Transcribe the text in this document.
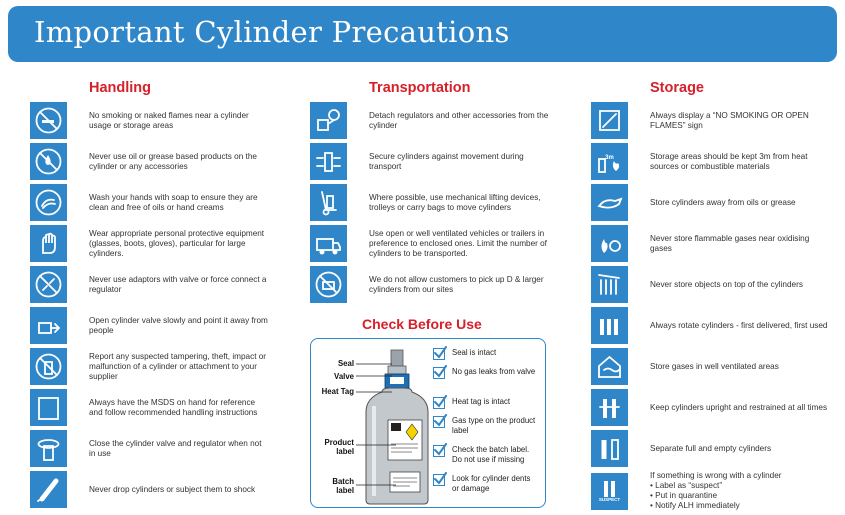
Important Cylinder Precautions
Handling	Transportation	Storage
No smoking or naked flames near a cylinder usage or storage areas
Never use oil or grease based products on the cylinder or any accessories
Wash your hands with soap to ensure they are clean and free of oils or hand creams
Wear appropriate personal protective equipment (glasses, boots, gloves), particular for large cylinders.
Never use adaptors with valve or force connect a regulator
Open cylinder valve slowly and point it away from people
Report any suspected tampering, theft, impact or malfunction of a cylinder or attachment to your supplier
MSDS	Always have the MSDS on hand for reference and follow recommended handling instructions
Close the cylinder valve and regulator when not in use
Never drop cylinders or subject them to shock
Detach regulators and other accessories from the cylinder
Secure cylinders against movement during transport
Where possible, use mechanical lifting devices, trolleys or carry bags to move cylinders
Use open or well ventilated vehicles or trailers in preference to enclosed ones. Limit the number of cylinders to be transported.
We do not allow customers to pick up D & larger cylinders from our sites
Always display a “NO SMOKING OR OPEN FLAMES” sign
3m	Storage areas should be kept 3m from heat sources or combustible materials
Store cylinders away from oils or grease
Never store flammable gases near oxidising gases
Never store objects on top of the cylinders
Always rotate cylinders - first delivered, first used
Store gases in well ventilated areas
Keep cylinders upright and restrained at all times
Separate full and empty cylinders
SUSPECT
If something is wrong with a cylinder
• Label as “suspect”
• Put in quarantine
• Notify ALH immediately
Check Before Use
Seal
Valve
Heat Tag
Product
label
Batch
label
Seal is intact
No gas leaks from valve
Heat tag is intact
Gas type on the product label
Check the batch label. Do not use if missing
Look for cylinder dents or damage
